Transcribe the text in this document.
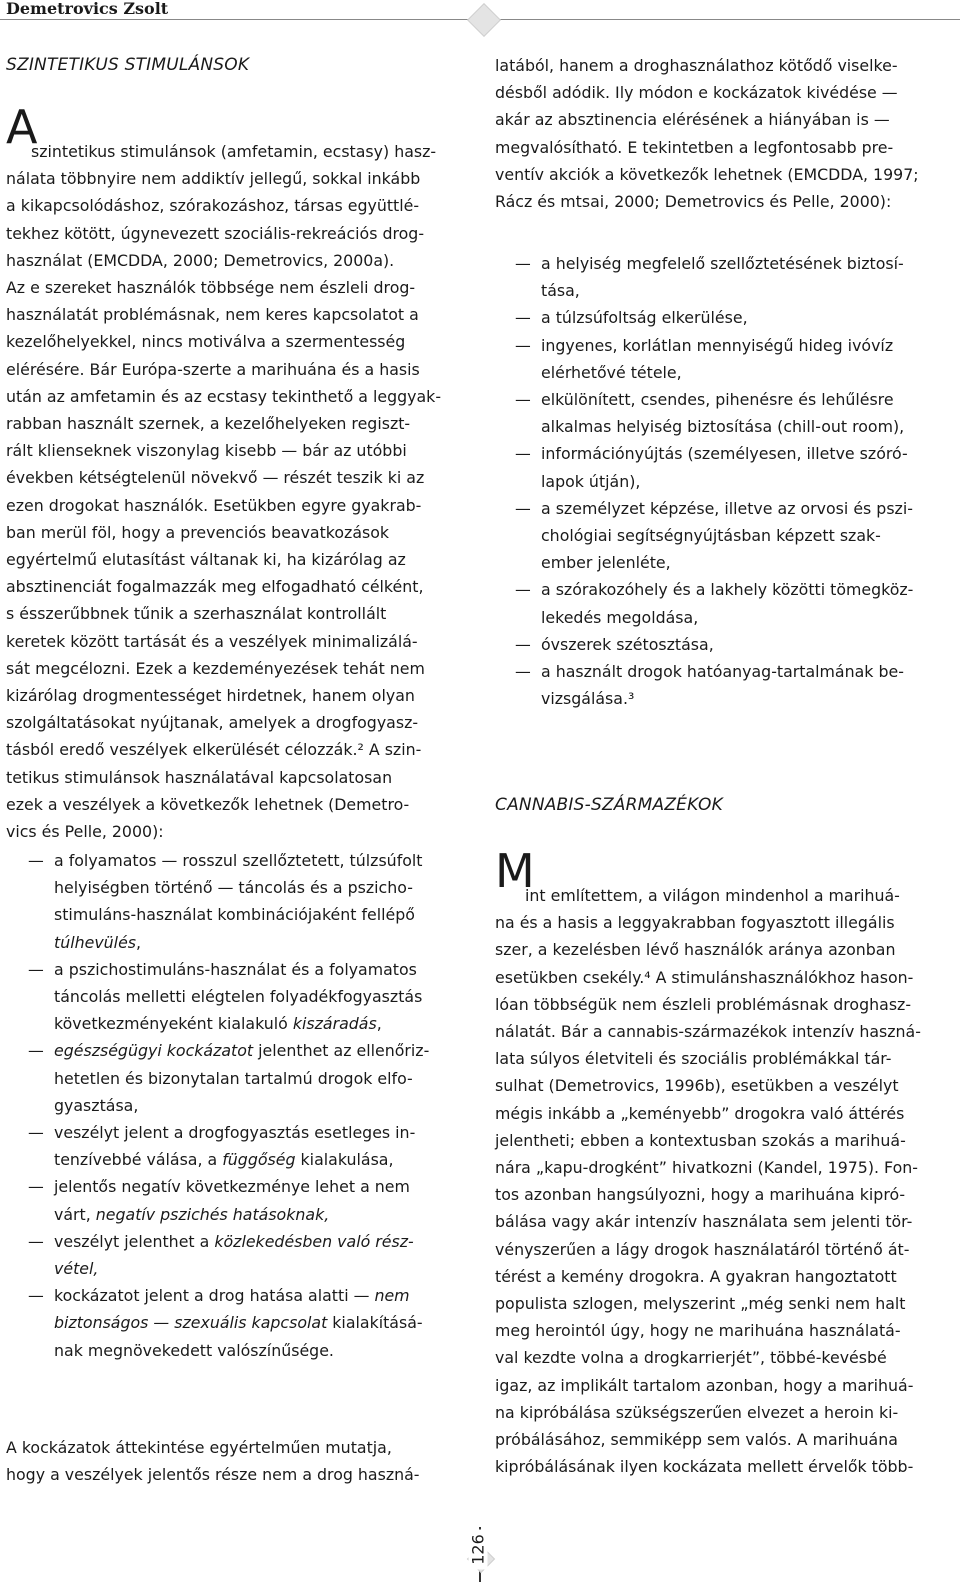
Demetrovics Zsolt
SZINTETIKUS STIMULÁNSOK
A
szintetikus stimulánsok (amfetamin, ecstasy) hasz-
nálata többnyire nem addiktív jellegű, sokkal inkább
a kikapcsolódáshoz, szórakozáshoz, társas együttlé-
tekhez kötött, úgynevezett szociális-rekreációs drog-
használat (EMCDDA, 2000; Demetrovics, 2000a).
Az e szereket használók többsége nem észleli drog-
használatát problémásnak, nem keres kapcsolatot a
kezelőhelyekkel, nincs motiválva a szermentesség
elérésére. Bár Európa-szerte a marihuána és a hasis
után az amfetamin és az ecstasy tekinthető a leggyak-
rabban használt szernek, a kezelőhelyeken regiszt-
rált klienseknek viszonylag kisebb — bár az utóbbi
években kétségtelenül növekvő — részét teszik ki az
ezen drogokat használók. Esetükben egyre gyakrab-
ban merül föl, hogy a prevenciós beavatkozások
egyértelmű elutasítást váltanak ki, ha kizárólag az
absztinenciát fogalmazzák meg elfogadható célként,
s ésszerűbbnek tűnik a szerhasználat kontrollált
keretek között tartását és a veszélyek minimalizálá-
sát megcélozni. Ezek a kezdeményezések tehát nem
kizárólag drogmentességet hirdetnek, hanem olyan
szolgáltatásokat nyújtanak, amelyek a drogfogyasz-
tásból eredő veszélyek elkerülését célozzák.² A szin-
tetikus stimulánsok használatával kapcsolatosan
ezek a veszélyek a következők lehetnek (Demetro-
vics és Pelle, 2000):
— a folyamatos — rosszul szellőztetett, túlzsúfolt
helyiségben történő — táncolás és a pszicho-
stimuláns-használat kombinációjaként fellépő
túlhevülés,
— a pszichostimuláns-használat és a folyamatos
táncolás melletti elégtelen folyadékfogyasztás
következményeként kialakuló kiszáradás,
— egészségügyi kockázatot jelenthet az ellenőriz-
hetetlen és bizonytalan tartalmú drogok elfo-
gyasztása,
— veszélyt jelent a drogfogyasztás esetleges in-
tenzívebbé válása, a függőség kialakulása,
— jelentős negatív következménye lehet a nem
várt, negatív pszichés hatásoknak,
— veszélyt jelenthet a közlekedésben való rész-
vétel,
— kockázatot jelent a drog hatása alatti — nem
biztonságos — szexuális kapcsolat kialakításá-
nak megnövekedett valószínűsége.
A kockázatok áttekintése egyértelműen mutatja,
hogy a veszélyek jelentős része nem a drog haszná-
latából, hanem a droghasználathoz kötődő viselke-
désből adódik. Ily módon e kockázatok kivédése —
akár az absztinencia elérésének a hiányában is —
megvalósítható. E tekintetben a legfontosabb pre-
ventív akciók a következők lehetnek (EMCDDA, 1997;
Rácz és mtsai, 2000; Demetrovics és Pelle, 2000):
— a helyiség megfelelő szellőztetésének biztosí-
tása,
— a túlzsúfoltság elkerülése,
— ingyenes, korlátlan mennyiségű hideg ivóvíz
elérhetővé tétele,
— elkülönített, csendes, pihenésre és lehűlésre
alkalmas helyiség biztosítása (chill-out room),
— információnyújtás (személyesen, illetve szóró-
lapok útján),
— a személyzet képzése, illetve az orvosi és pszi-
chológiai segítségnyújtásban képzett szak-
ember jelenléte,
— a szórakozóhely és a lakhely közötti tömegköz-
lekedés megoldása,
— óvszerek szétosztása,
— a használt drogok hatóanyag-tartalmának be-
vizsgálása.³
CANNABIS-SZÁRMAZÉKOK
M
int említettem, a világon mindenhol a marihuá-
na és a hasis a leggyakrabban fogyasztott illegális
szer, a kezelésben lévő használók aránya azonban
esetükben csekély.⁴ A stimulánshasználókhoz hason-
lóan többségük nem észleli problémásnak droghasz-
nálatát. Bár a cannabis-származékok intenzív haszná-
lata súlyos életviteli és szociális problémákkal tár-
sulhat (Demetrovics, 1996b), esetükben a veszélyt
mégis inkább a „keményebb” drogokra való áttérés
jelentheti; ebben a kontextusban szokás a marihuá-
nára „kapu-drogként” hivatkozni (Kandel, 1975). Fon-
tos azonban hangsúlyozni, hogy a marihuána kipró-
bálása vagy akár intenzív használata sem jelenti tör-
vényszerűen a lágy drogok használatáról történő át-
térést a kemény drogokra. A gyakran hangoztatott
populista szlogen, melyszerint „még senki nem halt
meg herointól úgy, hogy ne marihuána használatá-
val kezdte volna a drogkarrierjét”, többé-kevésbé
igaz, az implikált tartalom azonban, hogy a marihuá-
na kipróbálása szükségszerűen elvezet a heroin ki-
próbálásához, semmiképp sem valós. A marihuána
kipróbálásának ilyen kockázata mellett érvelők több-
126
